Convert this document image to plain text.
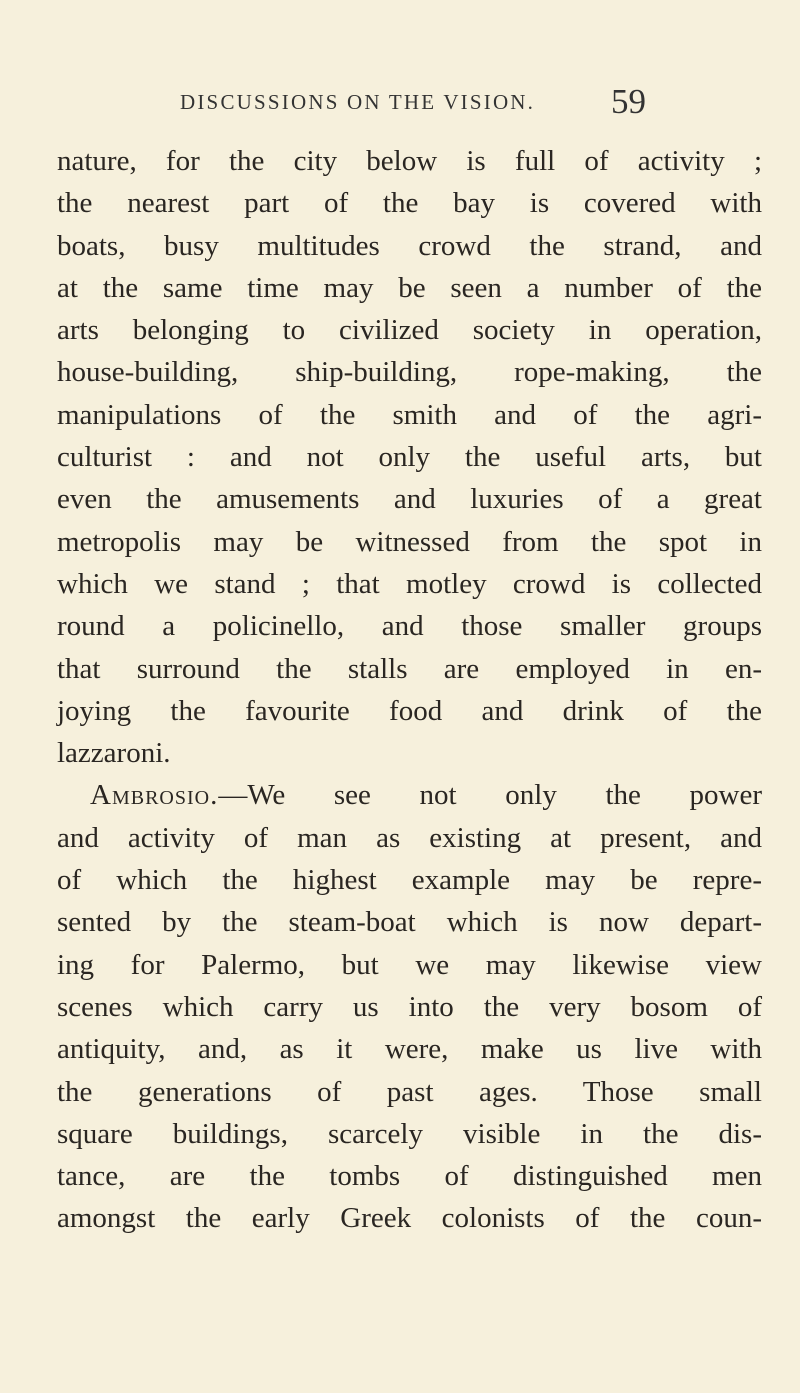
DISCUSSIONS ON THE VISION. 59
nature, for the city below is full of activity ;
the nearest part of the bay is covered with
boats, busy multitudes crowd the strand, and
at the same time may be seen a number of the
arts belonging to civilized society in operation,
house-building, ship-building, rope-making, the
manipulations of the smith and of the agri-
culturist : and not only the useful arts, but
even the amusements and luxuries of a great
metropolis may be witnessed from the spot in
which we stand ; that motley crowd is collected
round a policinello, and those smaller groups
that surround the stalls are employed in en-
joying the favourite food and drink of the
lazzaroni.
Ambrosio.—We see not only the power
and activity of man as existing at present, and
of which the highest example may be repre-
sented by the steam-boat which is now depart-
ing for Palermo, but we may likewise view
scenes which carry us into the very bosom of
antiquity, and, as it were, make us live with
the generations of past ages. Those small
square buildings, scarcely visible in the dis-
tance, are the tombs of distinguished men
amongst the early Greek colonists of the coun-
